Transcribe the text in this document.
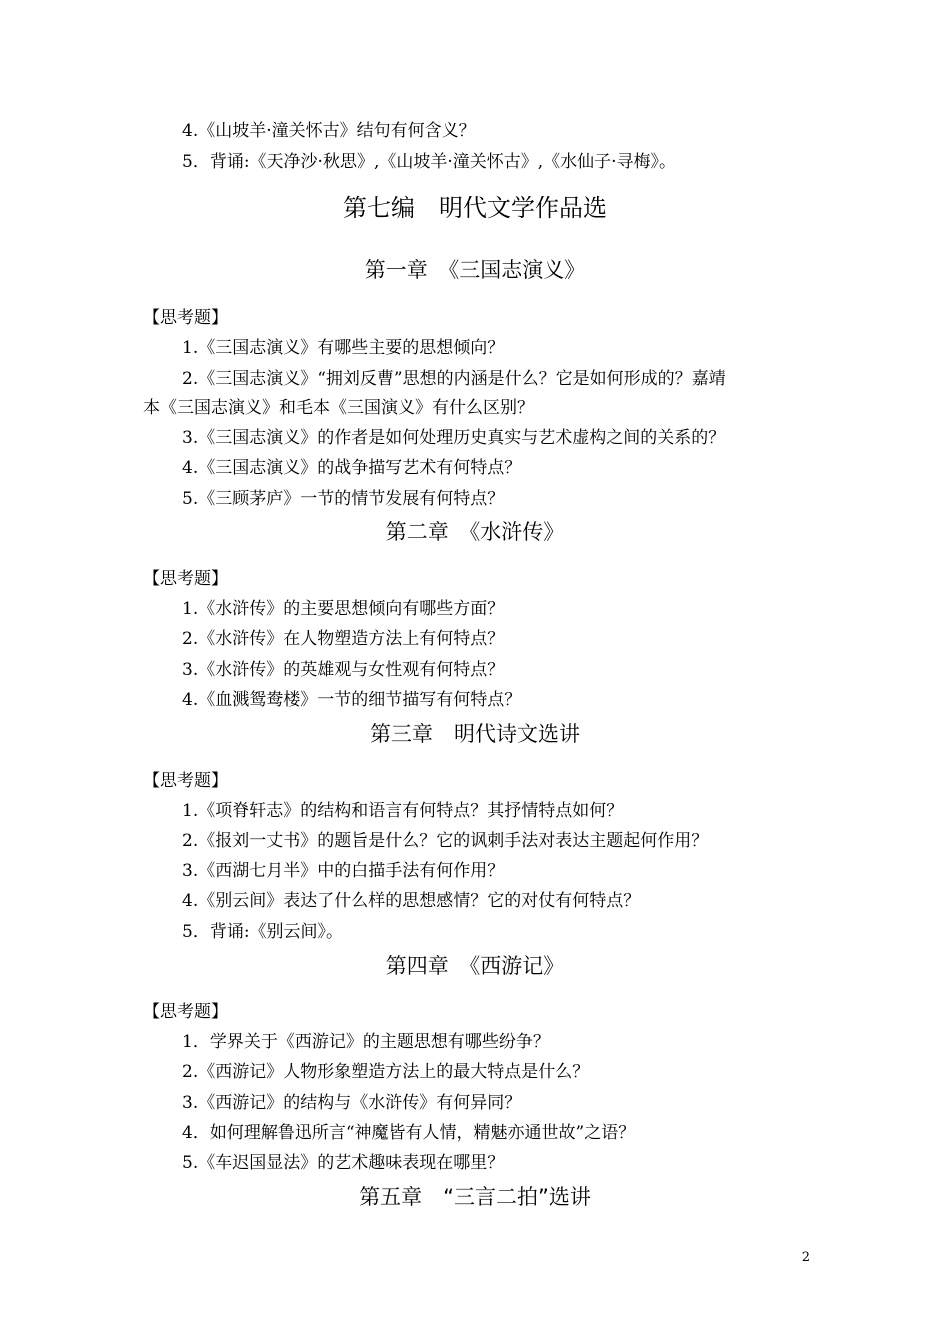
4.《山坡羊·潼关怀古》结句有何含义？
5．背诵:《天净沙·秋思》,《山坡羊·潼关怀古》,《水仙子·寻梅》。
第七编　明代文学作品选
第一章　《三国志演义》
【思考题】
1.《三国志演义》有哪些主要的思想倾向？
2.《三国志演义》“拥刘反曹”思想的内涵是什么？它是如何形成的？嘉靖
本《三国志演义》和毛本《三国演义》有什么区别？
3.《三国志演义》的作者是如何处理历史真实与艺术虚构之间的关系的？
4.《三国志演义》的战争描写艺术有何特点？
5.《三顾茅庐》一节的情节发展有何特点？
第二章　《水浒传》
【思考题】
1.《水浒传》的主要思想倾向有哪些方面？
2.《水浒传》在人物塑造方法上有何特点？
3.《水浒传》的英雄观与女性观有何特点？
4.《血溅鸳鸯楼》一节的细节描写有何特点？
第三章　明代诗文选讲
【思考题】
1.《项脊轩志》的结构和语言有何特点？其抒情特点如何？
2.《报刘一丈书》的题旨是什么？它的讽刺手法对表达主题起何作用？
3.《西湖七月半》中的白描手法有何作用？
4.《别云间》表达了什么样的思想感情？它的对仗有何特点？
5．背诵:《别云间》。
第四章　《西游记》
【思考题】
1．学界关于《西游记》的主题思想有哪些纷争？
2.《西游记》人物形象塑造方法上的最大特点是什么？
3.《西游记》的结构与《水浒传》有何异同？
4．如何理解鲁迅所言“神魔皆有人情，精魅亦通世故”之语？
5.《车迟国显法》的艺术趣味表现在哪里？
第五章　“三言二拍”选讲
2
